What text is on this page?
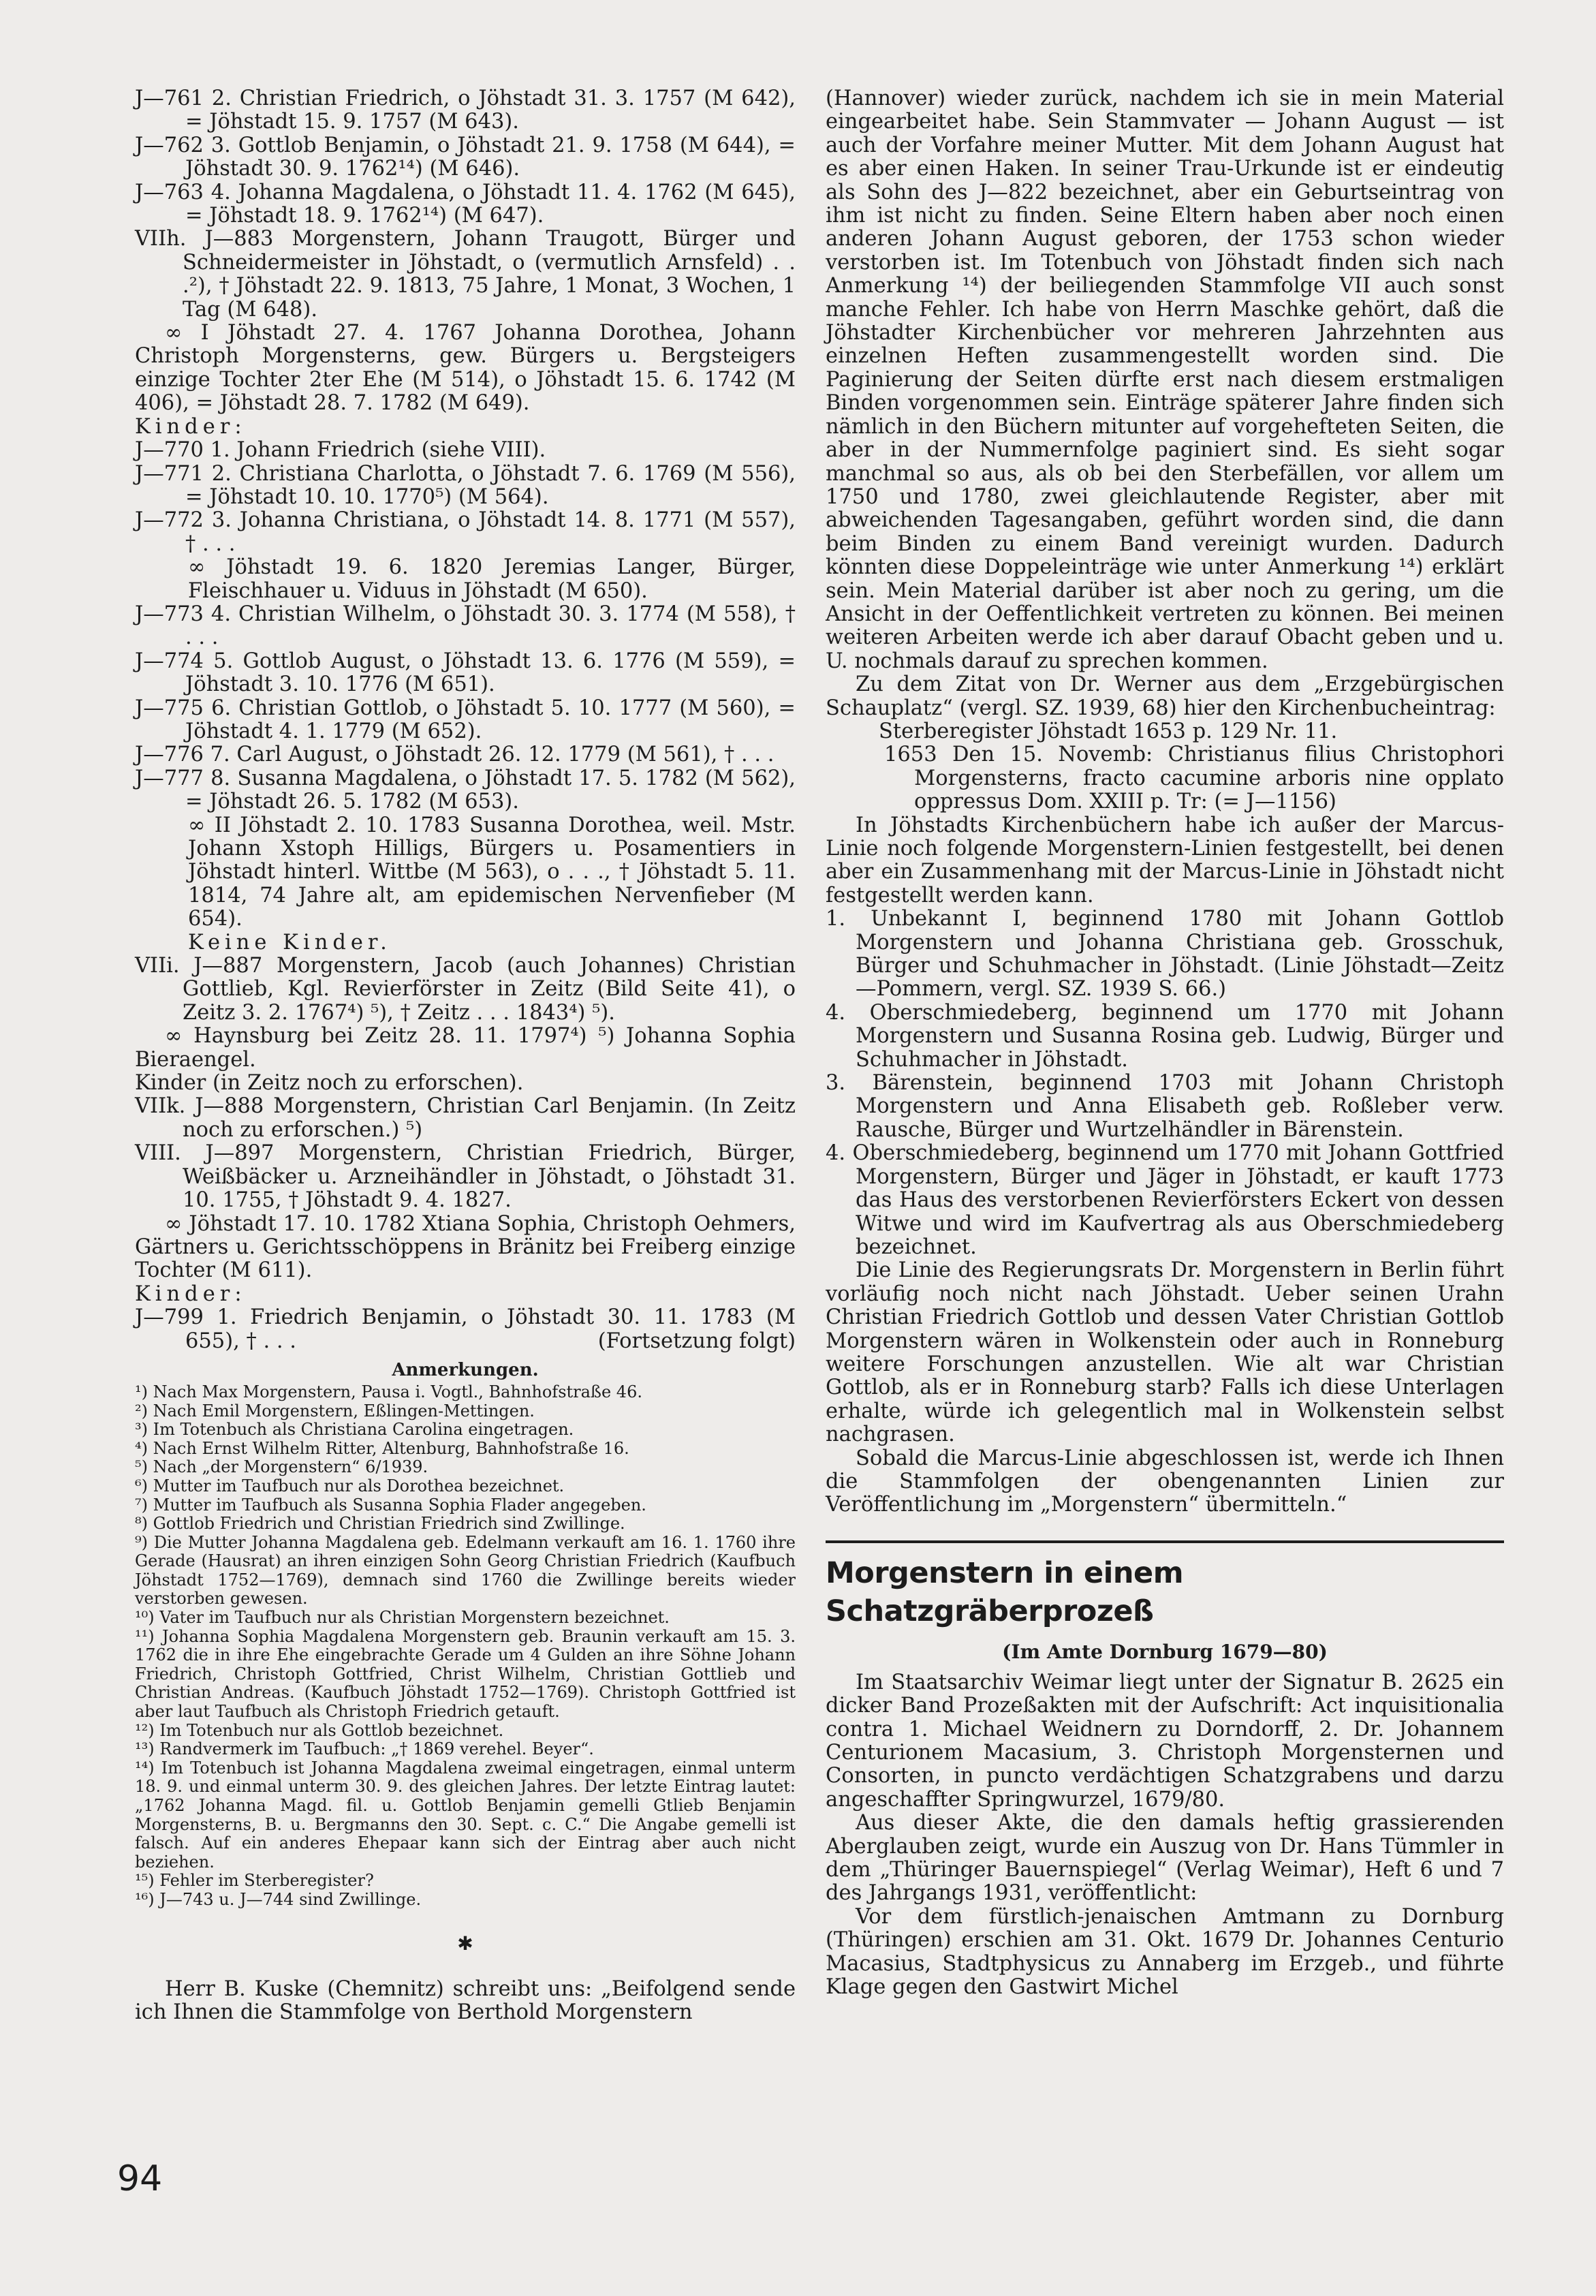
J—761 2. Christian Friedrich, o Jöhstadt 31. 3. 1757 (M 642), = Jöhstadt 15. 9. 1757 (M 643).

J—762 3. Gottlob Benjamin, o Jöhstadt 21. 9. 1758 (M 644), = Jöhstadt 30. 9. 1762¹⁴) (M 646).

J—763 4. Johanna Magdalena, o Jöhstadt 11. 4. 1762 (M 645), = Jöhstadt 18. 9. 1762¹⁴) (M 647).

VIIh. J—883 Morgenstern, Johann Traugott, Bürger und Schneidermeister in Jöhstadt, o (vermutlich Arnsfeld) . . .²), † Jöhstadt 22. 9. 1813, 75 Jahre, 1 Monat, 3 Wochen, 1 Tag (M 648).

∞ I Jöhstadt 27. 4. 1767 Johanna Dorothea, Johann Christoph Morgensterns, gew. Bürgers u. Bergsteigers einzige Tochter 2ter Ehe (M 514), o Jöhstadt 15. 6. 1742 (M 406), = Jöhstadt 28. 7. 1782 (M 649).

Kinder:

J—770 1. Johann Friedrich (siehe VIII).

J—771 2. Christiana Charlotta, o Jöhstadt 7. 6. 1769 (M 556), = Jöhstadt 10. 10. 1770⁵) (M 564).

J—772 3. Johanna Christiana, o Jöhstadt 14. 8. 1771 (M 557), † . . .

∞ Jöhstadt 19. 6. 1820 Jeremias Langer, Bürger, Fleischhauer u. Viduus in Jöhstadt (M 650).

J—773 4. Christian Wilhelm, o Jöhstadt 30. 3. 1774 (M 558), † . . .

J—774 5. Gottlob August, o Jöhstadt 13. 6. 1776 (M 559), = Jöhstadt 3. 10. 1776 (M 651).

J—775 6. Christian Gottlob, o Jöhstadt 5. 10. 1777 (M 560), = Jöhstadt 4. 1. 1779 (M 652).

J—776 7. Carl August, o Jöhstadt 26. 12. 1779 (M 561), † . . .

J—777 8. Susanna Magdalena, o Jöhstadt 17. 5. 1782 (M 562), = Jöhstadt 26. 5. 1782 (M 653).

∞ II Jöhstadt 2. 10. 1783 Susanna Dorothea, weil. Mstr. Johann Xstoph Hilligs, Bürgers u. Posamentiers in Jöhstadt hinterl. Wittbe (M 563), o . . ., † Jöhstadt 5. 11. 1814, 74 Jahre alt, am epidemischen Nervenfieber (M 654).

Keine Kinder.

VIIi. J—887 Morgenstern, Jacob (auch Johannes) Christian Gottlieb, Kgl. Revierförster in Zeitz (Bild Seite 41), o Zeitz 3. 2. 1767⁴) ⁵), † Zeitz . . . 1843⁴) ⁵).

∞ Haynsburg bei Zeitz 28. 11. 1797⁴) ⁵) Johanna Sophia Bieraengel.

Kinder (in Zeitz noch zu erforschen).

VIIk. J—888 Morgenstern, Christian Carl Benjamin. (In Zeitz noch zu erforschen.) ⁵)

VIII. J—897 Morgenstern, Christian Friedrich, Bürger, Weißbäcker u. Arzneihändler in Jöhstadt, o Jöhstadt 31. 10. 1755, † Jöhstadt 9. 4. 1827.

∞ Jöhstadt 17. 10. 1782 Xtiana Sophia, Christoph Oehmers, Gärtners u. Gerichtsschöppens in Bränitz bei Freiberg einzige Tochter (M 611).

Kinder:

J—799 1. Friedrich Benjamin, o Jöhstadt 30. 11. 1783 (M 655), † . . .	(Fortsetzung folgt)

Anmerkungen.

¹) Nach Max Morgenstern, Pausa i. Vogtl., Bahnhofstraße 46.

²) Nach Emil Morgenstern, Eßlingen-Mettingen.

³) Im Totenbuch als Christiana Carolina eingetragen.

⁴) Nach Ernst Wilhelm Ritter, Altenburg, Bahnhofstraße 16.

⁵) Nach „der Morgenstern“ 6/1939.

⁶) Mutter im Taufbuch nur als Dorothea bezeichnet.

⁷) Mutter im Taufbuch als Susanna Sophia Flader angegeben.

⁸) Gottlob Friedrich und Christian Friedrich sind Zwillinge.

⁹) Die Mutter Johanna Magdalena geb. Edelmann verkauft am 16. 1. 1760 ihre Gerade (Hausrat) an ihren einzigen Sohn Georg Christian Friedrich (Kaufbuch Jöhstadt 1752—1769), demnach sind 1760 die Zwillinge bereits wieder verstorben gewesen.

¹⁰) Vater im Taufbuch nur als Christian Morgenstern bezeichnet.

¹¹) Johanna Sophia Magdalena Morgenstern geb. Braunin verkauft am 15. 3. 1762 die in ihre Ehe eingebrachte Gerade um 4 Gulden an ihre Söhne Johann Friedrich, Christoph Gottfried, Christ Wilhelm, Christian Gottlieb und Christian Andreas. (Kaufbuch Jöhstadt 1752—1769). Christoph Gottfried ist aber laut Taufbuch als Christoph Friedrich getauft.

¹²) Im Totenbuch nur als Gottlob bezeichnet.

¹³) Randvermerk im Taufbuch: „† 1869 verehel. Beyer“.

¹⁴) Im Totenbuch ist Johanna Magdalena zweimal eingetragen, einmal unterm 18. 9. und einmal unterm 30. 9. des gleichen Jahres. Der letzte Eintrag lautet: „1762 Johanna Magd. fil. u. Gottlob Benjamin gemelli Gtlieb Benjamin Morgensterns, B. u. Bergmanns den 30. Sept. c. C.“ Die Angabe gemelli ist falsch. Auf ein anderes Ehepaar kann sich der Eintrag aber auch nicht beziehen.

¹⁵) Fehler im Sterberegister?

¹⁶) J—743 u. J—744 sind Zwillinge.

✱

Herr B. Kuske (Chemnitz) schreibt uns: „Beifolgend sende ich Ihnen die Stammfolge von Berthold Morgenstern

(Hannover) wieder zurück, nachdem ich sie in mein Material eingearbeitet habe. Sein Stammvater — Johann August — ist auch der Vorfahre meiner Mutter. Mit dem Johann August hat es aber einen Haken. In seiner Trau-Urkunde ist er eindeutig als Sohn des J—822 bezeichnet, aber ein Geburtseintrag von ihm ist nicht zu finden. Seine Eltern haben aber noch einen anderen Johann August geboren, der 1753 schon wieder verstorben ist. Im Totenbuch von Jöhstadt finden sich nach Anmerkung ¹⁴) der beiliegenden Stammfolge VII auch sonst manche Fehler. Ich habe von Herrn Maschke gehört, daß die Jöhstadter Kirchenbücher vor mehreren Jahrzehnten aus einzelnen Heften zusammengestellt worden sind. Die Paginierung der Seiten dürfte erst nach diesem erstmaligen Binden vorgenommen sein. Einträge späterer Jahre finden sich nämlich in den Büchern mitunter auf vorgehefteten Seiten, die aber in der Nummernfolge paginiert sind. Es sieht sogar manchmal so aus, als ob bei den Sterbefällen, vor allem um 1750 und 1780, zwei gleichlautende Register, aber mit abweichenden Tagesangaben, geführt worden sind, die dann beim Binden zu einem Band vereinigt wurden. Dadurch könnten diese Doppeleinträge wie unter Anmerkung ¹⁴) erklärt sein. Mein Material darüber ist aber noch zu gering, um die Ansicht in der Oeffentlichkeit vertreten zu können. Bei meinen weiteren Arbeiten werde ich aber darauf Obacht geben und u. U. nochmals darauf zu sprechen kommen.

Zu dem Zitat von Dr. Werner aus dem „Erzgebürgischen Schauplatz“ (vergl. SZ. 1939, 68) hier den Kirchenbucheintrag:

Sterberegister Jöhstadt 1653 p. 129 Nr. 11.

1653 Den 15. Novemb: Christianus filius Christophori Morgensterns, fracto cacumine arboris nine opplato oppressus Dom. XXIII p. Tr: (= J—1156)

In Jöhstadts Kirchenbüchern habe ich außer der Marcus-Linie noch folgende Morgenstern-Linien festgestellt, bei denen aber ein Zusammenhang mit der Marcus-Linie in Jöhstadt nicht festgestellt werden kann.

1. Unbekannt I, beginnend 1780 mit Johann Gottlob Morgenstern und Johanna Christiana geb. Grosschuk, Bürger und Schuhmacher in Jöhstadt. (Linie Jöhstadt—Zeitz—Pommern, vergl. SZ. 1939 S. 66.)

4. Oberschmiedeberg, beginnend um 1770 mit Johann Morgenstern und Susanna Rosina geb. Ludwig, Bürger und Schuhmacher in Jöhstadt.

3. Bärenstein, beginnend 1703 mit Johann Christoph Morgenstern und Anna Elisabeth geb. Roßleber verw. Rausche, Bürger und Wurtzelhändler in Bärenstein.

4. Oberschmiedeberg, beginnend um 1770 mit Johann Gottfried Morgenstern, Bürger und Jäger in Jöhstadt, er kauft 1773 das Haus des verstorbenen Revierförsters Eckert von dessen Witwe und wird im Kaufvertrag als aus Oberschmiedeberg bezeichnet.

Die Linie des Regierungsrats Dr. Morgenstern in Berlin führt vorläufig noch nicht nach Jöhstadt. Ueber seinen Urahn Christian Friedrich Gottlob und dessen Vater Christian Gottlob Morgenstern wären in Wolkenstein oder auch in Ronneburg weitere Forschungen anzustellen. Wie alt war Christian Gottlob, als er in Ronneburg starb? Falls ich diese Unterlagen erhalte, würde ich gelegentlich mal in Wolkenstein selbst nachgrasen.

Sobald die Marcus-Linie abgeschlossen ist, werde ich Ihnen die Stammfolgen der obengenannten Linien zur Veröffentlichung im „Morgenstern“ übermitteln.“

Morgenstern in einem Schatzgräberprozeß

(Im Amte Dornburg 1679—80)

Im Staatsarchiv Weimar liegt unter der Signatur B. 2625 ein dicker Band Prozeßakten mit der Aufschrift: Act inquisitionalia contra 1. Michael Weidnern zu Dorndorff, 2. Dr. Johannem Centurionem Macasium, 3. Christoph Morgensternen und Consorten, in puncto verdächtigen Schatzgrabens und darzu angeschaffter Springwurzel, 1679/80.

Aus dieser Akte, die den damals heftig grassierenden Aberglauben zeigt, wurde ein Auszug von Dr. Hans Tümmler in dem „Thüringer Bauernspiegel“ (Verlag Weimar), Heft 6 und 7 des Jahrgangs 1931, veröffentlicht:

Vor dem fürstlich-jenaischen Amtmann zu Dornburg (Thüringen) erschien am 31. Okt. 1679 Dr. Johannes Centurio Macasius, Stadtphysicus zu Annaberg im Erzgeb., und führte Klage gegen den Gastwirt Michel

94
